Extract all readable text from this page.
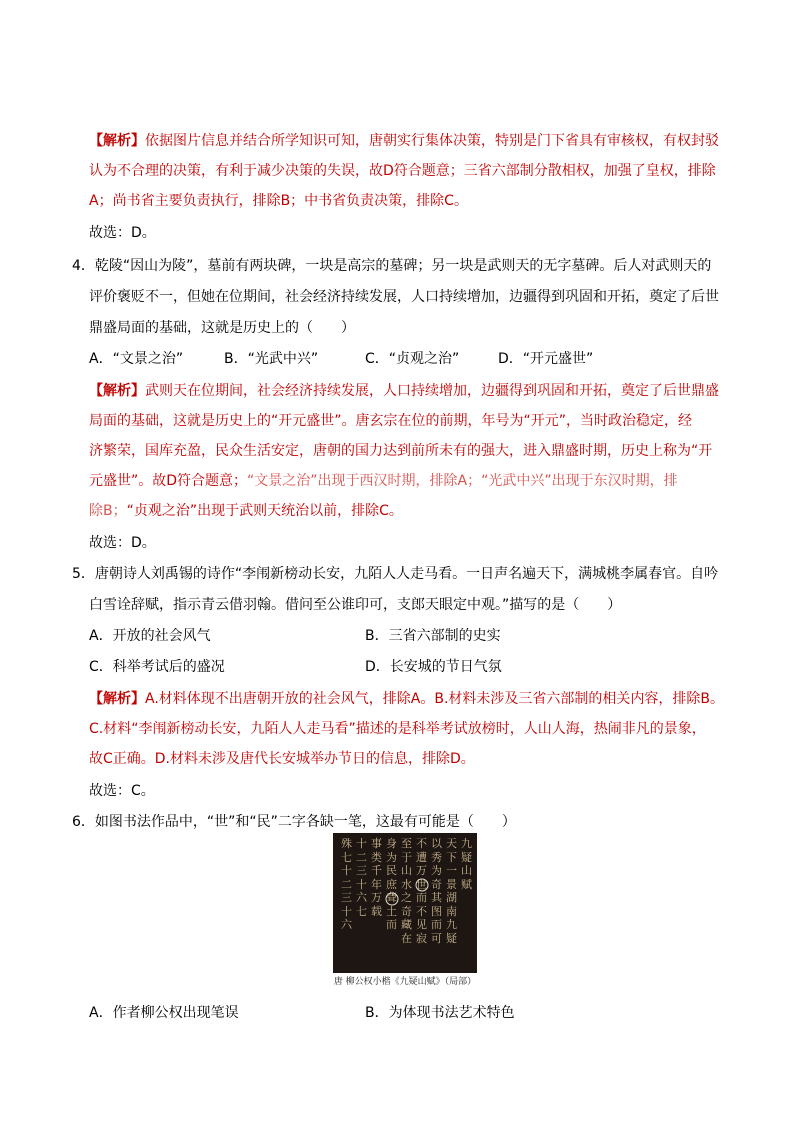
【解析】依据图片信息并结合所学知识可知，唐朝实行集体决策，特别是门下省具有审核权，有权封驳
认为不合理的决策，有利于减少决策的失误，故D符合题意；三省六部制分散相权，加强了皇权，排除
A；尚书省主要负责执行，排除B；中书省负责决策，排除C。
故选：D。
4．乾陵“因山为陵”，墓前有两块碑，一块是高宗的墓碑；另一块是武则天的无字墓碑。后人对武则天的
评价褒贬不一，但她在位期间，社会经济持续发展，人口持续增加，边疆得到巩固和开拓，奠定了后世
鼎盛局面的基础，这就是历史上的（　　）
A．“文景之治”	B．“光武中兴”	C．“贞观之治”	D．“开元盛世”
【解析】武则天在位期间，社会经济持续发展，人口持续增加，边疆得到巩固和开拓，奠定了后世鼎盛
局面的基础，这就是历史上的“开元盛世”。唐玄宗在位的前期，年号为“开元”，当时政治稳定，经
济繁荣，国库充盈，民众生活安定，唐朝的国力达到前所未有的强大，进入鼎盛时期，历史上称为“开
元盛世”。故D符合题意；“文景之治”出现于西汉时期，排除A；“光武中兴”出现于东汉时期，排
除B；“贞观之治”出现于武则天统治以前，排除C。
故选：D。
5．唐朝诗人刘禹锡的诗作“李闱新榜动长安，九陌人人走马看。一日声名遍天下，满城桃李属春官。自吟
白雪诠辞赋，指示青云借羽翰。借问至公谁印可，支郎天眼定中观。”描写的是（　　）
A．开放的社会风气	B．三省六部制的史实
C．科举考试后的盛况	D．长安城的节日气氛
【解析】A.材料体现不出唐朝开放的社会风气，排除A。B.材料未涉及三省六部制的相关内容，排除B。
C.材料“李闱新榜动长安，九陌人人走马看”描述的是科举考试放榜时，人山人海，热闹非凡的景象，
故C正确。D.材料未涉及唐代长安城举办节日的信息，排除D。
故选：C。
6．如图书法作品中，“世”和“民”二字各缺一笔，这最有可能是（　　）
九
疑
山
赋
天
下
一
景
湖
南
九
疑
以
秀
为
奇
其
图
而
可
不
遭
万
世
而
不
见
寂
至
于
山
水
之
奇
藏
在
身
为
民
庶
聋
土
而
事
类
千
年
万
载
十
二
三
十
六
七
殊
七
十
二
三
十
六
唐 柳公权小楷《九疑山赋》（局部）
A．作者柳公权出现笔误	B．为体现书法艺术特色
